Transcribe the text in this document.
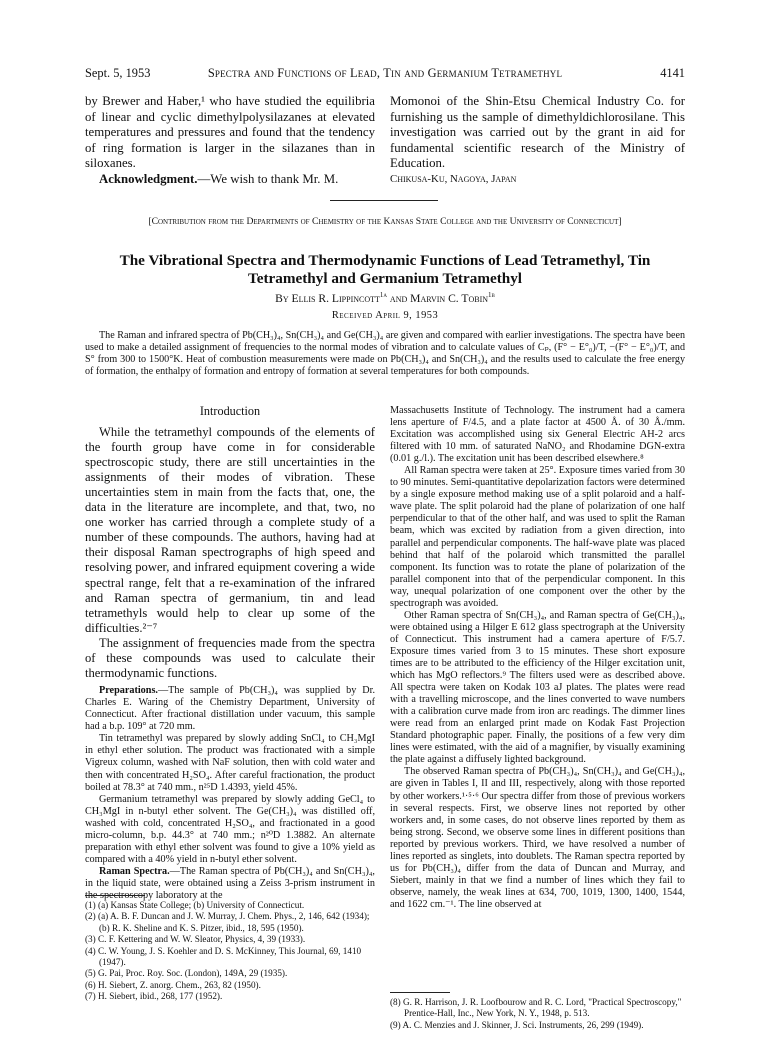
Sept. 5, 1953	Spectra and Functions of Lead, Tin and Germanium Tetramethyl	4141

by Brewer and Haber,¹ who have studied the equilibria of linear and cyclic dimethylpolysilazanes at elevated temperatures and pressures and found that the tendency of ring formation is larger in the silazanes than in siloxanes.

Acknowledgment.—We wish to thank Mr. M.

Momonoi of the Shin-Etsu Chemical Industry Co. for furnishing us the sample of dimethyldichlorosilane. This investigation was carried out by the grant in aid for fundamental scientific research of the Ministry of Education.

Chikusa-Ku, Nagoya, Japan

[Contribution from the Departments of Chemistry of the Kansas State College and the University of Connecticut]
The Vibrational Spectra and Thermodynamic Functions of Lead Tetramethyl, Tin Tetramethyl and Germanium Tetramethyl
By Ellis R. Lippincott$^{1a}$ and Marvin C. Tobin$^{1b}$
Received April 9, 1953
The Raman and infrared spectra of Pb(CH₃)₄, Sn(CH₃)₄ and Ge(CH₃)₄ are given and compared with earlier investigations. The spectra have been used to make a detailed assignment of frequencies to the normal modes of vibration and to calculate values of Cₚ, (F° − E°₀)/T, −(F° − E°₀)/T, and S° from 300 to 1500°K. Heat of combustion measurements were made on Pb(CH₃)₄ and Sn(CH₃)₄ and the results used to calculate the free energy of formation, the enthalpy of formation and entropy of formation at several temperatures for both compounds.

Introduction

While the tetramethyl compounds of the elements of the fourth group have come in for considerable spectroscopic study, there are still uncertainties in the assignments of their modes of vibration. These uncertainties stem in main from the facts that, one, the data in the literature are incomplete, and that, two, no one worker has carried through a complete study of a number of these compounds. The authors, having had at their disposal Raman spectrographs of high speed and resolving power, and infrared equipment covering a wide spectral range, felt that a re-examination of the infrared and Raman spectra of germanium, tin and lead tetramethyls would help to clear up some of the difficulties.²⁻⁷

The assignment of frequencies made from the spectra of these compounds was used to calculate their thermodynamic functions.

Preparations.—The sample of Pb(CH₃)₄ was supplied by Dr. Charles E. Waring of the Chemistry Department, University of Connecticut. After fractional distillation under vacuum, this sample had a b.p. 109° at 720 mm.

Tin tetramethyl was prepared by slowly adding SnCl₄ to CH₃MgI in ethyl ether solution. The product was fractionated with a simple Vigreux column, washed with NaF solution, then with cold water and then with concentrated H₂SO₄. After careful fractionation, the product boiled at 78.3° at 740 mm., n²⁵D 1.4393, yield 45%.

Germanium tetramethyl was prepared by slowly adding GeCl₄ to CH₃MgI in n-butyl ether solvent. The Ge(CH₃)₄ was distilled off, washed with cold, concentrated H₂SO₄, and fractionated in a good micro-column, b.p. 44.3° at 740 mm.; n²⁰D 1.3882. An alternate preparation with ethyl ether solvent was found to give a 10% yield as compared with a 40% yield in n-butyl ether solvent.

Raman Spectra.—The Raman spectra of Pb(CH₃)₄ and Sn(CH₃)₄, in the liquid state, were obtained using a Zeiss 3-prism instrument in the spectroscopy laboratory at the

(1) (a) Kansas State College; (b) University of Connecticut.

(2) (a) A. B. F. Duncan and J. W. Murray, J. Chem. Phys., 2, 146, 642 (1934); (b) R. K. Sheline and K. S. Pitzer, ibid., 18, 595 (1950).

(3) C. F. Kettering and W. W. Sleator, Physics, 4, 39 (1933).

(4) C. W. Young, J. S. Koehler and D. S. McKinney, This Journal, 69, 1410 (1947).

(5) G. Pai, Proc. Roy. Soc. (London), 149A, 29 (1935).

(6) H. Siebert, Z. anorg. Chem., 263, 82 (1950).

(7) H. Siebert, ibid., 268, 177 (1952).

Massachusetts Institute of Technology. The instrument had a camera lens aperture of F/4.5, and a plate factor at 4500 Å. of 30 Å./mm. Excitation was accomplished using six General Electric AH-2 arcs filtered with 10 mm. of saturated NaNO₂ and Rhodamine DGN-extra (0.01 g./l.). The excitation unit has been described elsewhere.⁸

All Raman spectra were taken at 25°. Exposure times varied from 30 to 90 minutes. Semi-quantitative depolarization factors were determined by a single exposure method making use of a split polaroid and a half-wave plate. The split polaroid had the plane of polarization of one half perpendicular to that of the other half, and was used to split the Raman beam, which was excited by radiation from a given direction, into parallel and perpendicular components. The half-wave plate was placed behind that half of the polaroid which transmitted the parallel component. Its function was to rotate the plane of polarization of the parallel component into that of the perpendicular component. In this way, unequal polarization of one component over the other by the spectrograph was avoided.

Other Raman spectra of Sn(CH₃)₄, and Raman spectra of Ge(CH₃)₄, were obtained using a Hilger E 612 glass spectrograph at the University of Connecticut. This instrument had a camera aperture of F/5.7. Exposure times varied from 3 to 15 minutes. These short exposure times are to be attributed to the efficiency of the Hilger excitation unit, which has MgO reflectors.⁹ The filters used were as described above. All spectra were taken on Kodak 103 aJ plates. The plates were read with a travelling microscope, and the lines converted to wave numbers with a calibration curve made from iron arc readings. The dimmer lines were read from an enlarged print made on Kodak Fast Projection Standard photographic paper. Finally, the positions of a few very dim lines were estimated, with the aid of a magnifier, by visually examining the plate against a diffusely lighted background.

The observed Raman spectra of Pb(CH₃)₄, Sn(CH₃)₄ and Ge(CH₃)₄, are given in Tables I, II and III, respectively, along with those reported by other workers.¹·⁵·⁶ Our spectra differ from those of previous workers in several respects. First, we observe lines not reported by other workers and, in some cases, do not observe lines reported by them as being strong. Second, we observe some lines in different positions than reported by previous workers. Third, we have resolved a number of lines reported as singlets, into doublets. The Raman spectra reported by us for Pb(CH₃)₄ differ from the data of Duncan and Murray, and Siebert, mainly in that we find a number of lines which they fail to observe, namely, the weak lines at 634, 700, 1019, 1300, 1400, 1544, and 1622 cm.⁻¹. The line observed at

(8) G. R. Harrison, J. R. Loofbourow and R. C. Lord, "Practical Spectroscopy," Prentice-Hall, Inc., New York, N. Y., 1948, p. 513.

(9) A. C. Menzies and J. Skinner, J. Sci. Instruments, 26, 299 (1949).
